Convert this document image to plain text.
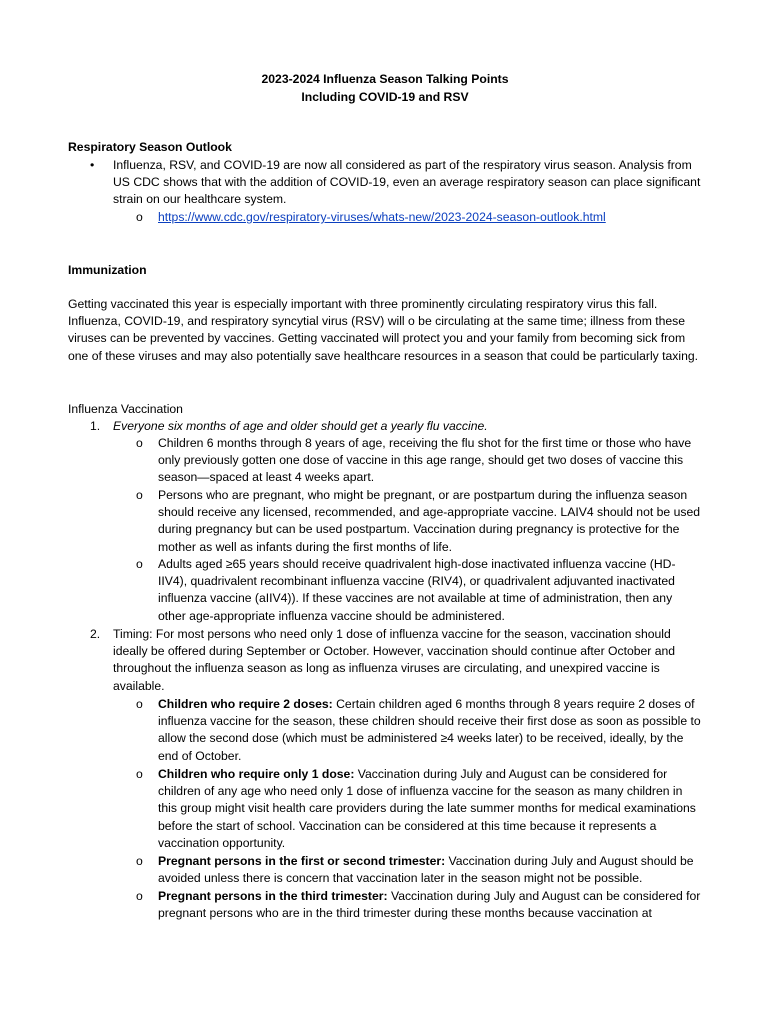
2023-2024 Influenza Season Talking Points
Including COVID-19 and RSV
Respiratory Season Outlook
• Influenza, RSV, and COVID-19 are now all considered as part of the respiratory virus season. Analysis from US CDC shows that with the addition of COVID-19, even an average respiratory season can place significant strain on our healthcare system.
o https://www.cdc.gov/respiratory-viruses/whats-new/2023-2024-season-outlook.html
Immunization
Getting vaccinated this year is especially important with three prominently circulating respiratory virus this fall. Influenza, COVID-19, and respiratory syncytial virus (RSV) will o be circulating at the same time; illness from these viruses can be prevented by vaccines. Getting vaccinated will protect you and your family from becoming sick from one of these viruses and may also potentially save healthcare resources in a season that could be particularly taxing.
Influenza Vaccination
1. Everyone six months of age and older should get a yearly flu vaccine.
o Children 6 months through 8 years of age, receiving the flu shot for the first time or those who have only previously gotten one dose of vaccine in this age range, should get two doses of vaccine this season—spaced at least 4 weeks apart.
o Persons who are pregnant, who might be pregnant, or are postpartum during the influenza season should receive any licensed, recommended, and age-appropriate vaccine. LAIV4 should not be used during pregnancy but can be used postpartum. Vaccination during pregnancy is protective for the mother as well as infants during the first months of life.
o Adults aged ≥65 years should receive quadrivalent high-dose inactivated influenza vaccine (HD-IIV4), quadrivalent recombinant influenza vaccine (RIV4), or quadrivalent adjuvanted inactivated influenza vaccine (aIIV4)). If these vaccines are not available at time of administration, then any other age-appropriate influenza vaccine should be administered.
2. Timing: For most persons who need only 1 dose of influenza vaccine for the season, vaccination should ideally be offered during September or October. However, vaccination should continue after October and throughout the influenza season as long as influenza viruses are circulating, and unexpired vaccine is available.
o Children who require 2 doses: Certain children aged 6 months through 8 years require 2 doses of influenza vaccine for the season, these children should receive their first dose as soon as possible to allow the second dose (which must be administered ≥4 weeks later) to be received, ideally, by the end of October.
o Children who require only 1 dose: Vaccination during July and August can be considered for children of any age who need only 1 dose of influenza vaccine for the season as many children in this group might visit health care providers during the late summer months for medical examinations before the start of school. Vaccination can be considered at this time because it represents a vaccination opportunity.
o Pregnant persons in the first or second trimester: Vaccination during July and August should be avoided unless there is concern that vaccination later in the season might not be possible.
o Pregnant persons in the third trimester: Vaccination during July and August can be considered for pregnant persons who are in the third trimester during these months because vaccination at
